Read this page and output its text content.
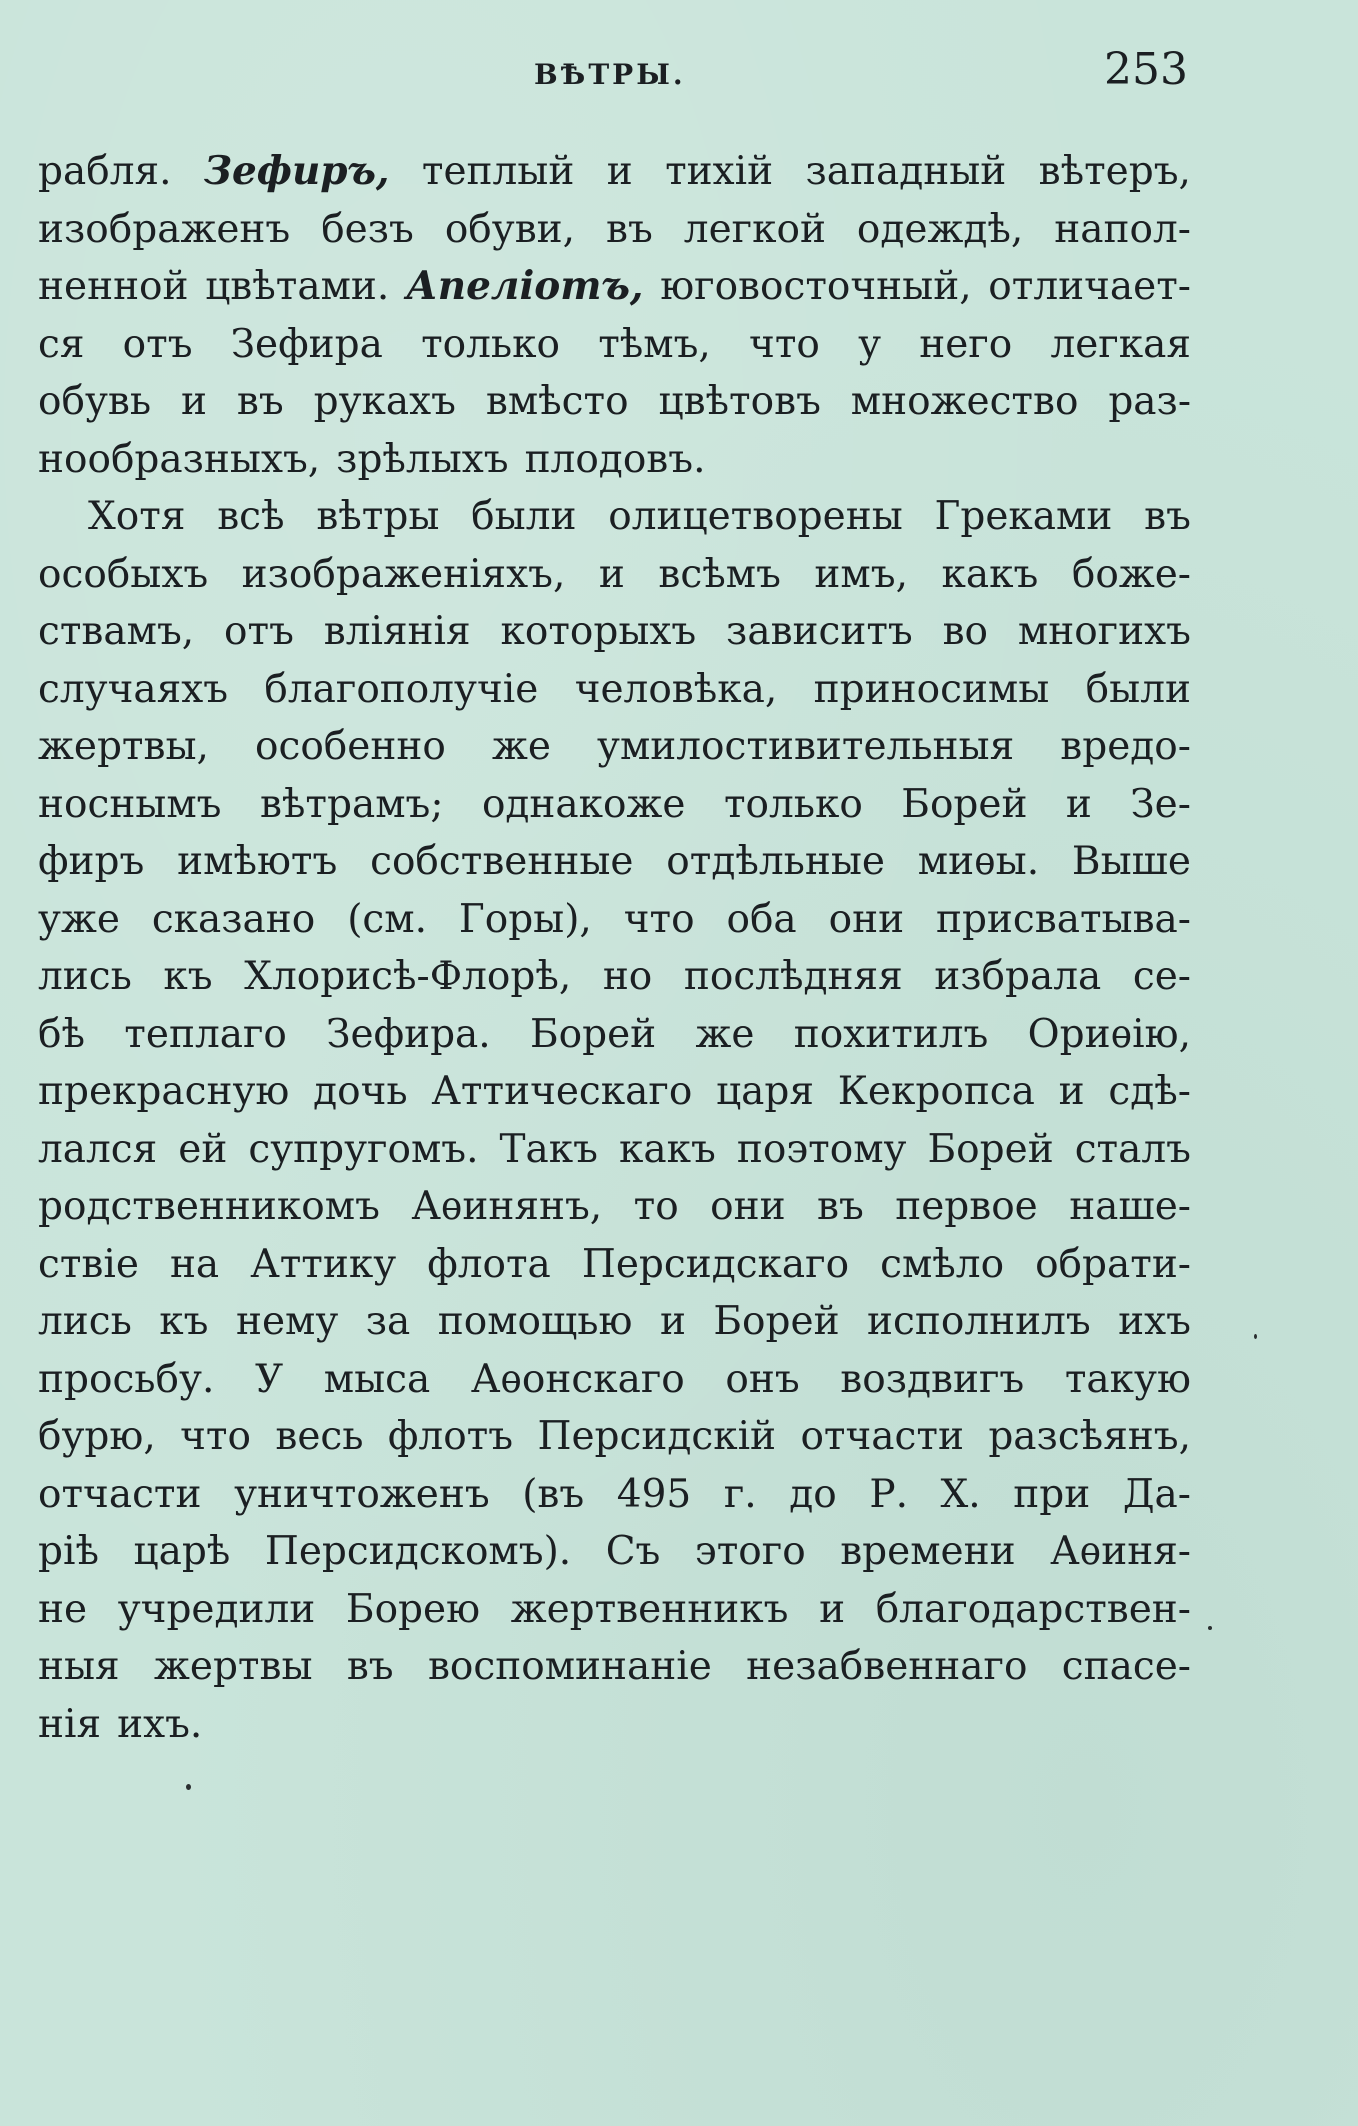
ВѢТРЫ.	253
рабля. Зефиръ, теплый и тихій западный вѣтеръ,
изображенъ безъ обуви, въ легкой одеждѣ, напол-
ненной цвѣтами. Апеліотъ, юговосточный, отличает-
ся отъ Зефира только тѣмъ, что у него легкая
обувь и въ рукахъ вмѣсто цвѣтовъ множество раз-
нообразныхъ, зрѣлыхъ плодовъ.
Хотя всѣ вѣтры были олицетворены Греками въ
особыхъ изображеніяхъ, и всѣмъ имъ, какъ боже-
ствамъ, отъ вліянія которыхъ зависитъ во многихъ
случаяхъ благополучіе человѣка, приносимы были
жертвы, особенно же умилостивительныя вредо-
носнымъ вѣтрамъ; однакоже только Борей и Зе-
фиръ имѣютъ собственные отдѣльные миѳы. Выше
уже сказано (см. Горы), что оба они присватыва-
лись къ Хлорисѣ-Флорѣ, но послѣдняя избрала се-
бѣ теплаго Зефира. Борей же похитилъ Ориѳію,
прекрасную дочь Аттическаго царя Кекропса и сдѣ-
лался ей супругомъ. Такъ какъ поэтому Борей сталъ
родственникомъ Аѳинянъ, то они въ первое наше-
ствіе на Аттику флота Персидскаго смѣло обрати-
лись къ нему за помощью и Борей исполнилъ ихъ
просьбу. У мыса Аѳонскаго онъ воздвигъ такую
бурю, что весь флотъ Персидскій отчасти разсѣянъ,
отчасти уничтоженъ (въ 495 г. до Р. Х. при Да-
ріѣ царѣ Персидскомъ). Съ этого времени Аѳиня-
не учредили Борею жертвенникъ и благодарствен-
ныя жертвы въ воспоминаніе незабвеннаго спасе-
нія ихъ.
